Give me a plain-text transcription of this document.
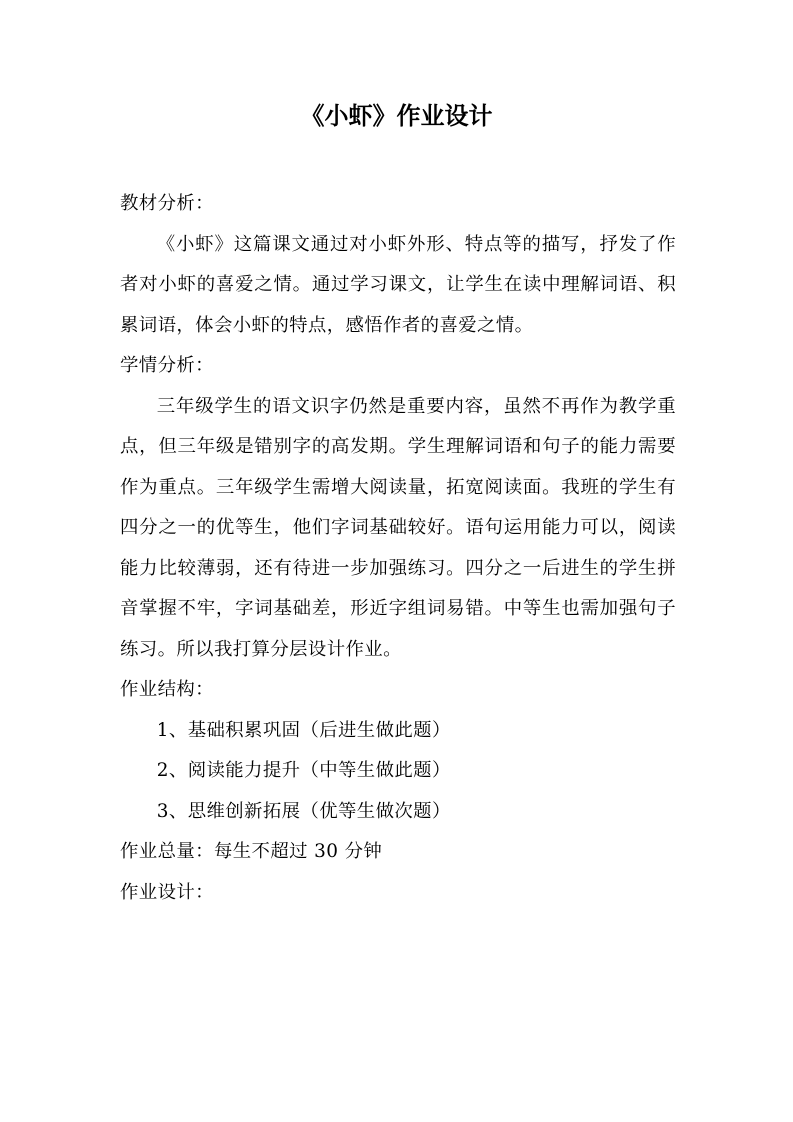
《小虾》作业设计

教材分析：

《小虾》这篇课文通过对小虾外形、特点等的描写，抒发了作者对小虾的喜爱之情。通过学习课文，让学生在读中理解词语、积累词语，体会小虾的特点，感悟作者的喜爱之情。

学情分析：

三年级学生的语文识字仍然是重要内容，虽然不再作为教学重点，但三年级是错别字的高发期。学生理解词语和句子的能力需要作为重点。三年级学生需增大阅读量，拓宽阅读面。我班的学生有四分之一的优等生，他们字词基础较好。语句运用能力可以，阅读能力比较薄弱，还有待进一步加强练习。四分之一后进生的学生拼音掌握不牢，字词基础差，形近字组词易错。中等生也需加强句子练习。所以我打算分层设计作业。

作业结构：

1、基础积累巩固（后进生做此题）

2、阅读能力提升（中等生做此题）

3、思维创新拓展（优等生做次题）

作业总量：每生不超过 30 分钟

作业设计：
